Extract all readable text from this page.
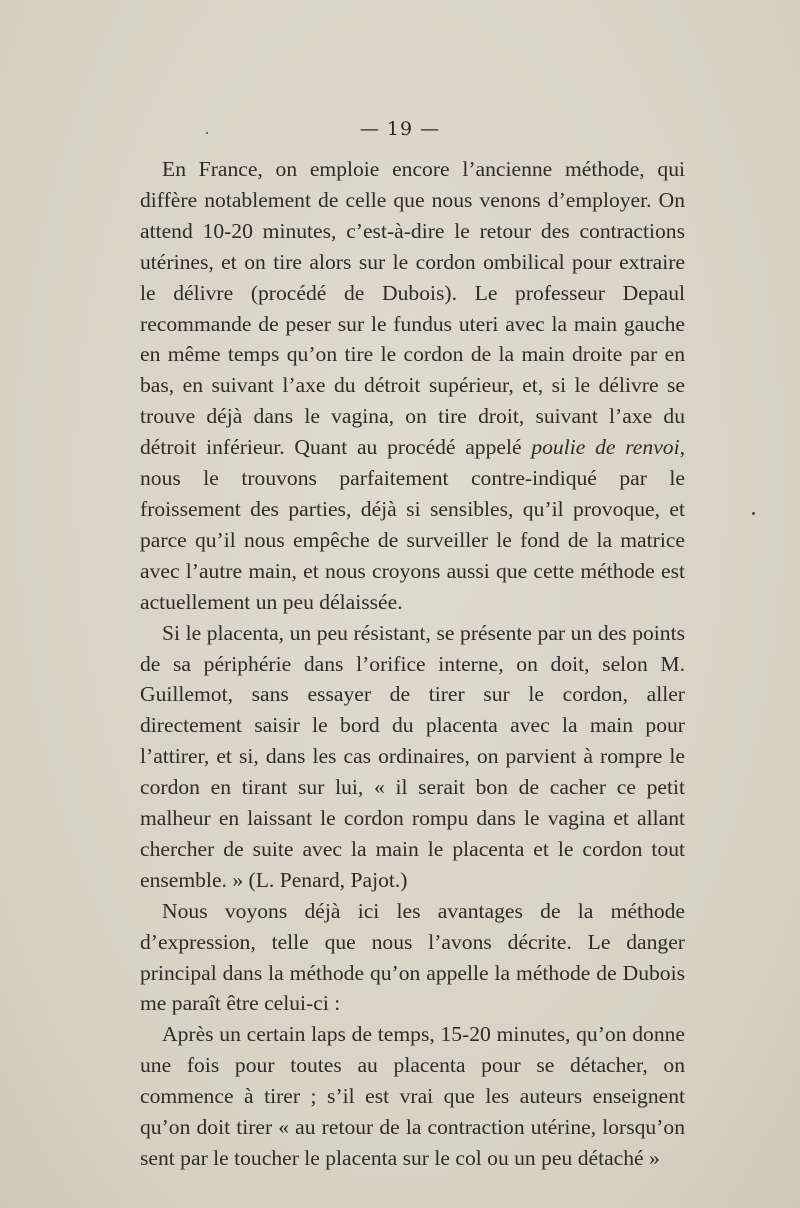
— 19 —

En France, on emploie encore l’ancienne méthode, qui diffère notablement de celle que nous venons d’employer. On attend 10-20 minutes, c’est-à-dire le retour des contractions utérines, et on tire alors sur le cordon ombilical pour extraire le délivre (procédé de Dubois). Le professeur Depaul recommande de peser sur le fundus uteri avec la main gauche en même temps qu’on tire le cordon de la main droite par en bas, en suivant l’axe du détroit supérieur, et, si le délivre se trouve déjà dans le vagina, on tire droit, suivant l’axe du détroit inférieur. Quant au procédé appelé poulie de renvoi, nous le trouvons parfaitement contre-indiqué par le froissement des parties, déjà si sensibles, qu’il provoque, et parce qu’il nous empêche de surveiller le fond de la matrice avec l’autre main, et nous croyons aussi que cette méthode est actuellement un peu délaissée.

Si le placenta, un peu résistant, se présente par un des points de sa périphérie dans l’orifice interne, on doit, selon M. Guillemot, sans essayer de tirer sur le cordon, aller directement saisir le bord du placenta avec la main pour l’attirer, et si, dans les cas ordinaires, on parvient à rompre le cordon en tirant sur lui, « il serait bon de cacher ce petit malheur en laissant le cordon rompu dans le vagina et allant chercher de suite avec la main le placenta et le cordon tout ensemble. » (L. Penard, Pajot.)

Nous voyons déjà ici les avantages de la méthode d’expression, telle que nous l’avons décrite. Le danger principal dans la méthode qu’on appelle la méthode de Dubois me paraît être celui-ci :

Après un certain laps de temps, 15-20 minutes, qu’on donne une fois pour toutes au placenta pour se détacher, on commence à tirer ; s’il est vrai que les auteurs enseignent qu’on doit tirer « au retour de la contraction utérine, lorsqu’on sent par le toucher le placenta sur le col ou un peu détaché »
